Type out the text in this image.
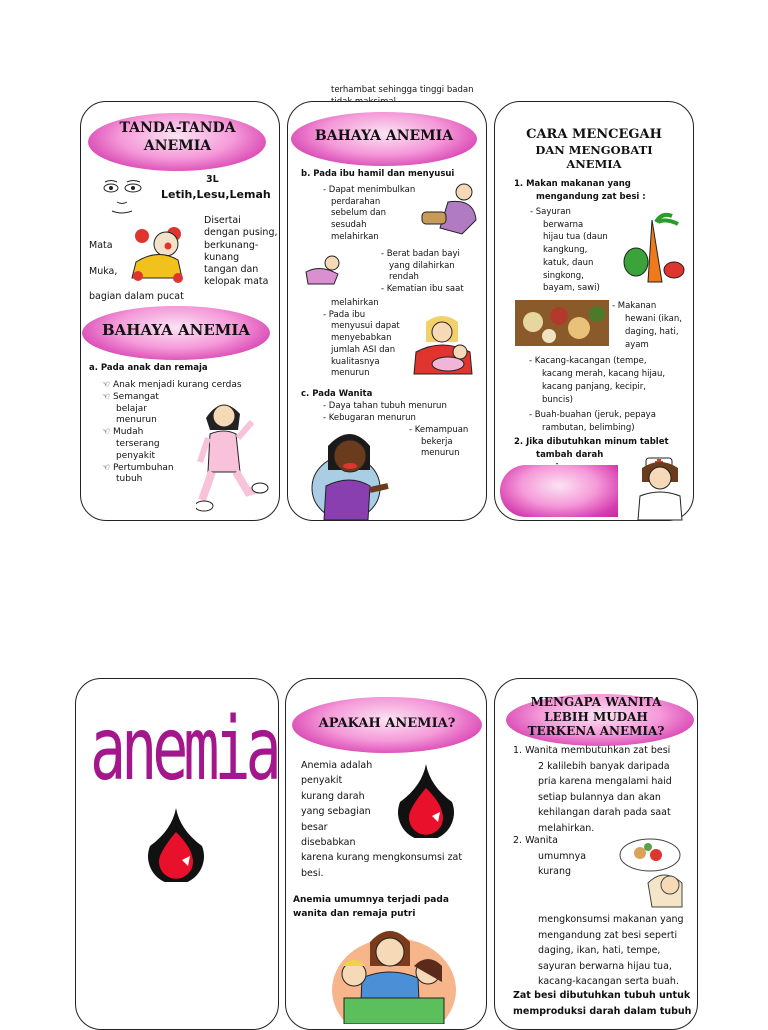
terhambat sehingga tinggi badan
TANDA-TANDA
ANEMIA
3L
Letih,Lesu,Lemah
Disertai
dengan pusing,
berkunang-
kunang
tangan dan
kelopak mata
Mata
Muka,
bagian dalam pucat
BAHAYA ANEMIA
a. Pada anak dan remaja
☜ Anak menjadi kurang cerdas
☜ Semangat
belajar
menurun
☜ Mudah
terserang
penyakit
☜ Pertumbuhan
tubuh
BAHAYA ANEMIA
b. Pada ibu hamil dan menyusui
- Dapat menimbulkan
perdarahan
sebelum dan
sesudah
melahirkan
- Berat badan bayi
yang dilahirkan
rendah
- Kematian ibu saat
melahirkan
- Pada ibu
menyusui dapat
menyebabkan
jumlah ASI dan
kualitasnya
menurun
c. Pada Wanita
- Daya tahan tubuh menurun
- Kebugaran menurun
- Kemampuan
bekerja
menurun
CARA MENCEGAH
DAN MENGOBATI
ANEMIA
1. Makan makanan yang
mengandung zat besi :
- Sayuran
berwarna
hijau tua (daun
kangkung,
katuk, daun
singkong,
bayam, sawi)
- Makanan
hewani (ikan,
daging, hati,
ayam
- Kacang-kacangan (tempe,
kacang merah, kacang hijau,
kacang panjang, kecipir,
buncis)
- Buah-buahan (jeruk, pepaya
rambutan, belimbing)
2. Jika dibutuhkan minum tablet
tambah darah
anemia	APAKAH ANEMIA?
Anemia adalah
penyakit
kurang darah
yang sebagian
besar
disebabkan
karena kurang mengkonsumsi zat
besi.
Anemia umumnya terjadi pada
wanita dan remaja putri
MENGAPA WANITA
LEBIH MUDAH
TERKENA ANEMIA?
1. Wanita membutuhkan zat besi
2 kalilebih banyak daripada
pria karena mengalami haid
setiap bulannya dan akan
kehilangan darah pada saat
melahirkan.
2. Wanita
umumnya
kurang
mengkonsumsi makanan yang
mengandung zat besi seperti
daging, ikan, hati, tempe,
sayuran berwarna hijau tua,
kacang-kacangan serta buah.
Zat besi dibutuhkan tubuh untuk
memproduksi darah dalam tubuh
